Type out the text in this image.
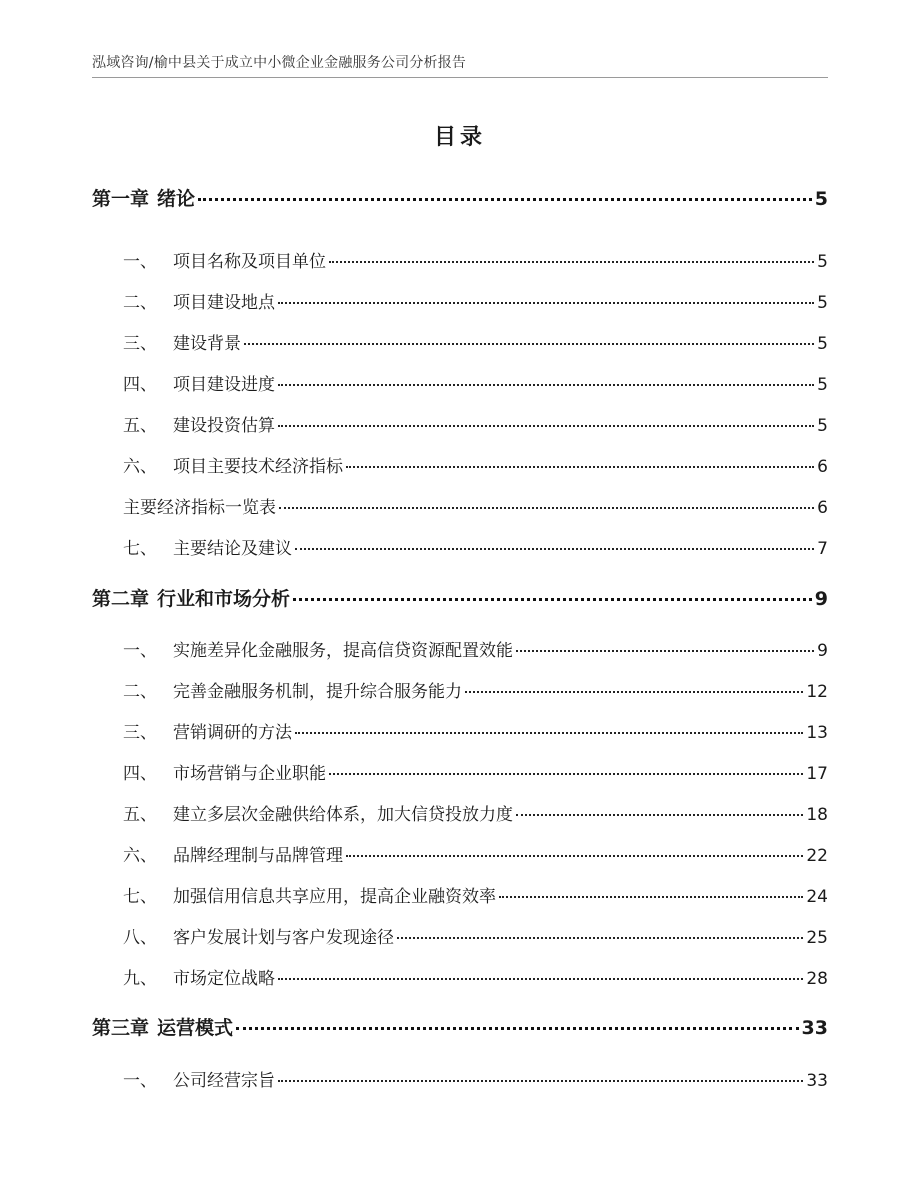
泓域咨询/榆中县关于成立中小微企业金融服务公司分析报告
目录
第一章 绪论	5
一、 项目名称及项目单位	5
二、 项目建设地点	5
三、 建设背景	5
四、 项目建设进度	5
五、 建设投资估算	5
六、 项目主要技术经济指标	6
主要经济指标一览表	6
七、 主要结论及建议	7
第二章 行业和市场分析	9
一、 实施差异化金融服务，提高信贷资源配置效能	9
二、 完善金融服务机制，提升综合服务能力	12
三、 营销调研的方法	13
四、 市场营销与企业职能	17
五、 建立多层次金融供给体系，加大信贷投放力度	18
六、 品牌经理制与品牌管理	22
七、 加强信用信息共享应用，提高企业融资效率	24
八、 客户发展计划与客户发现途径	25
九、 市场定位战略	28
第三章 运营模式	33
一、 公司经营宗旨	33
